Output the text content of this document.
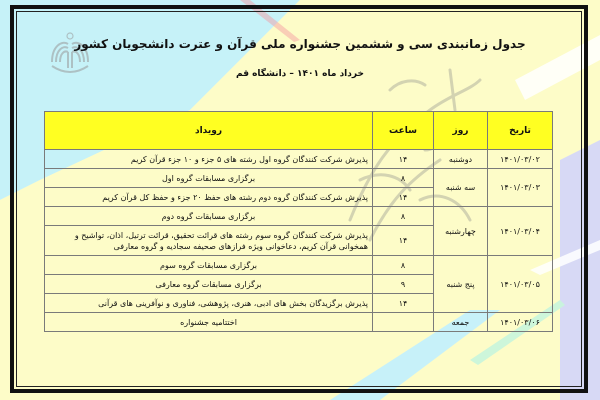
جدول زمانبندی سی و ششمین جشنواره ملی قرآن و عترت دانشجویان کشور
خرداد ماه ۱۴۰۱ – دانشگاه قم
تاریخ	روز	ساعت	رویداد
۱۴۰۱/۰۳/۰۲	دوشنبه	۱۴	پذیرش شرکت کنندگان گروه اول رشته های ۵ جزء و ۱۰ جزء قرآن کریم
۱۴۰۱/۰۳/۰۳	سه شنبه	۸	برگزاری مسابقات گروه اول
		۱۴	پذیرش شرکت کنندگان گروه دوم رشته های حفظ ۲۰ جزء و حفظ کل قرآن کریم
۱۴۰۱/۰۳/۰۴	چهارشنبه	۸	برگزاری مسابقات گروه دوم
		۱۴	پذیرش شرکت کنندگان گروه سوم رشته های قرائت تحقیق، قرائت ترتیل، اذان، تواشیح و همخوانی قرآن کریم، دعاخوانی ویژه فرازهای صحیفه سجادیه و گروه معارفی
۱۴۰۱/۰۳/۰۵	پنج شنبه	۸	برگزاری مسابقات گروه سوم
		۹	برگزاری مسابقات گروه معارفی
		۱۴	پذیرش برگزیدگان بخش های ادبی، هنری، پژوهشی، فناوری و نوآفرینی های قرآنی
۱۴۰۱/۰۳/۰۶	جمعه		اختتامیه جشنواره
